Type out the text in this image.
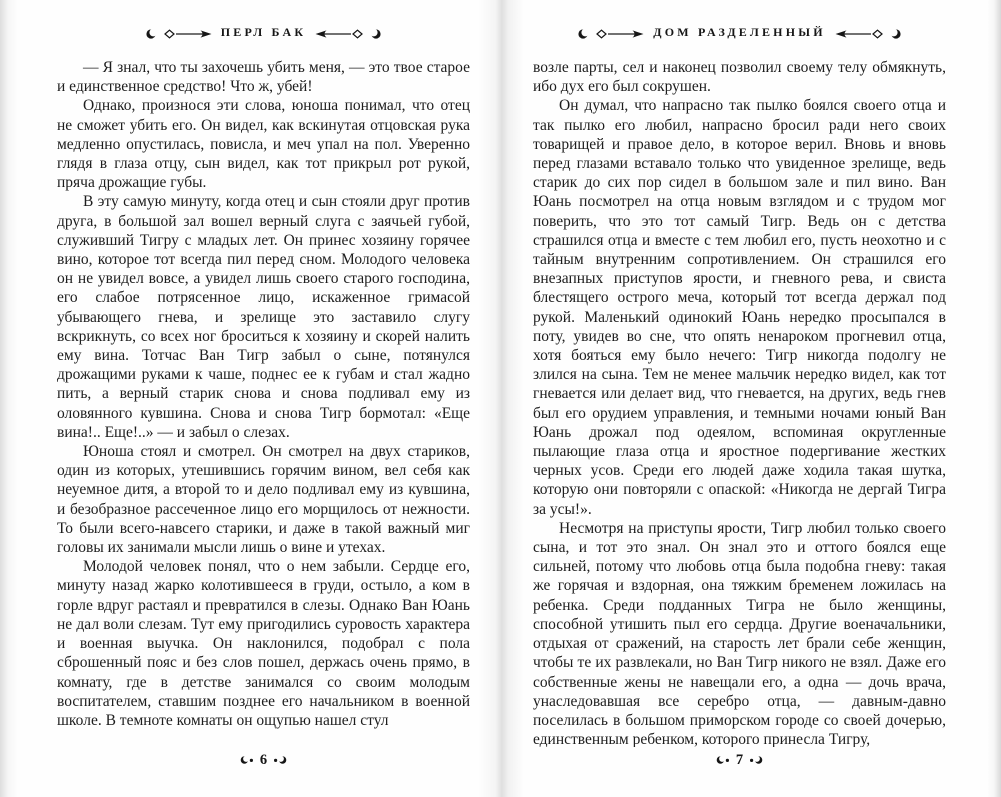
ПЕРЛ БАК

— Я знал, что ты захочешь убить меня, — это твое старое и единственное средство! Что ж, убей!

Однако, произнося эти слова, юноша понимал, что отец не сможет убить его. Он видел, как вскинутая отцовская рука медленно опустилась, повисла, и меч упал на пол. Уверенно глядя в глаза отцу, сын видел, как тот прикрыл рот рукой, пряча дрожащие губы.

В эту самую минуту, когда отец и сын стояли друг против друга, в большой зал вошел верный слуга с заячьей губой, служивший Тигру с младых лет. Он принес хозяину горячее вино, которое тот всегда пил перед сном. Молодого человека он не увидел вовсе, а увидел лишь своего старого господина, его слабое потрясенное лицо, искаженное гримасой убывающего гнева, и зрелище это заставило слугу вскрикнуть, со всех ног броситься к хозяину и скорей налить ему вина. Тотчас Ван Тигр забыл о сыне, потянулся дрожащими руками к чаше, поднес ее к губам и стал жадно пить, а верный старик снова и снова подливал ему из оловянного кувшина. Снова и снова Тигр бормотал: «Еще вина!.. Еще!..» — и забыл о слезах.

Юноша стоял и смотрел. Он смотрел на двух стариков, один из которых, утешившись горячим вином, вел себя как неуемное дитя, а второй то и дело подливал ему из кувшина, и безобразное рассеченное лицо его морщилось от нежности. То были всего-навсего старики, и даже в такой важный миг головы их занимали мысли лишь о вине и утехах.

Молодой человек понял, что о нем забыли. Сердце его, минуту назад жарко колотившееся в груди, остыло, а ком в горле вдруг растаял и превратился в слезы. Однако Ван Юань не дал воли слезам. Тут ему пригодились суровость характера и военная выучка. Он наклонился, подобрал с пола сброшенный пояс и без слов пошел, держась очень прямо, в комнату, где в детстве занимался со своим молодым воспитателем, ставшим позднее его начальником в военной школе. В темноте комнаты он ощупью нашел стул

6
ДОМ РАЗДЕЛЕННЫЙ

возле парты, сел и наконец позволил своему телу обмякнуть, ибо дух его был сокрушен.

Он думал, что напрасно так пылко боялся своего отца и так пылко его любил, напрасно бросил ради него своих товарищей и правое дело, в которое верил. Вновь и вновь перед глазами вставало только что увиденное зрелище, ведь старик до сих пор сидел в большом зале и пил вино. Ван Юань посмотрел на отца новым взглядом и с трудом мог поверить, что это тот самый Тигр. Ведь он с детства страшился отца и вместе с тем любил его, пусть неохотно и с тайным внутренним сопротивлением. Он страшился его внезапных приступов ярости, и гневного рева, и свиста блестящего острого меча, который тот всегда держал под рукой. Маленький одинокий Юань нередко просыпался в поту, увидев во сне, что опять ненароком прогневил отца, хотя бояться ему было нечего: Тигр никогда подолгу не злился на сына. Тем не менее мальчик нередко видел, как тот гневается или делает вид, что гневается, на других, ведь гнев был его орудием управления, и темными ночами юный Ван Юань дрожал под одеялом, вспоминая округленные пылающие глаза отца и яростное подергивание жестких черных усов. Среди его людей даже ходила такая шутка, которую они повторяли с опаской: «Никогда не дергай Тигра за усы!».

Несмотря на приступы ярости, Тигр любил только своего сына, и тот это знал. Он знал это и оттого боялся еще сильней, потому что любовь отца была подобна гневу: такая же горячая и вздорная, она тяжким бременем ложилась на ребенка. Среди подданных Тигра не было женщины, способной утишить пыл его сердца. Другие военачальники, отдыхая от сражений, на старость лет брали себе женщин, чтобы те их развлекали, но Ван Тигр никого не взял. Даже его собственные жены не навещали его, а одна — дочь врача, унаследовавшая все серебро отца, — давным-давно поселилась в большом приморском городе со своей дочерью, единственным ребенком, которого принесла Тигру,

7
